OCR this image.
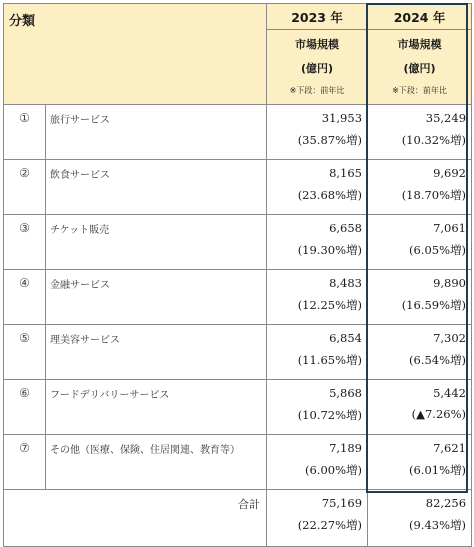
分類		2023 年	2024 年

		市場規模
(億円)
※下段：前年比	市場規模
(億円)
※下段：前年比

①	旅行サービス	31,953
(35.87%増)	35,249
(10.32%増)

②	飲食サービス	8,165
(23.68%増)	9,692
(18.70%増)

③	チケット販売	6,658
(19.30%増)	7,061
(6.05%増)

④	金融サービス	8,483
(12.25%増)	9,890
(16.59%増)

⑤	理美容サービス	6,854
(11.65%増)	7,302
(6.54%増)

⑥	フードデリバリーサービス	5,868
(10.72%増)	5,442
(▲7.26%)

⑦	その他（医療、保険、住居関連、教育等）	7,189
(6.00%増)	7,621
(6.01%増)

合計		75,169
(22.27%増)	82,256
(9.43%増)
